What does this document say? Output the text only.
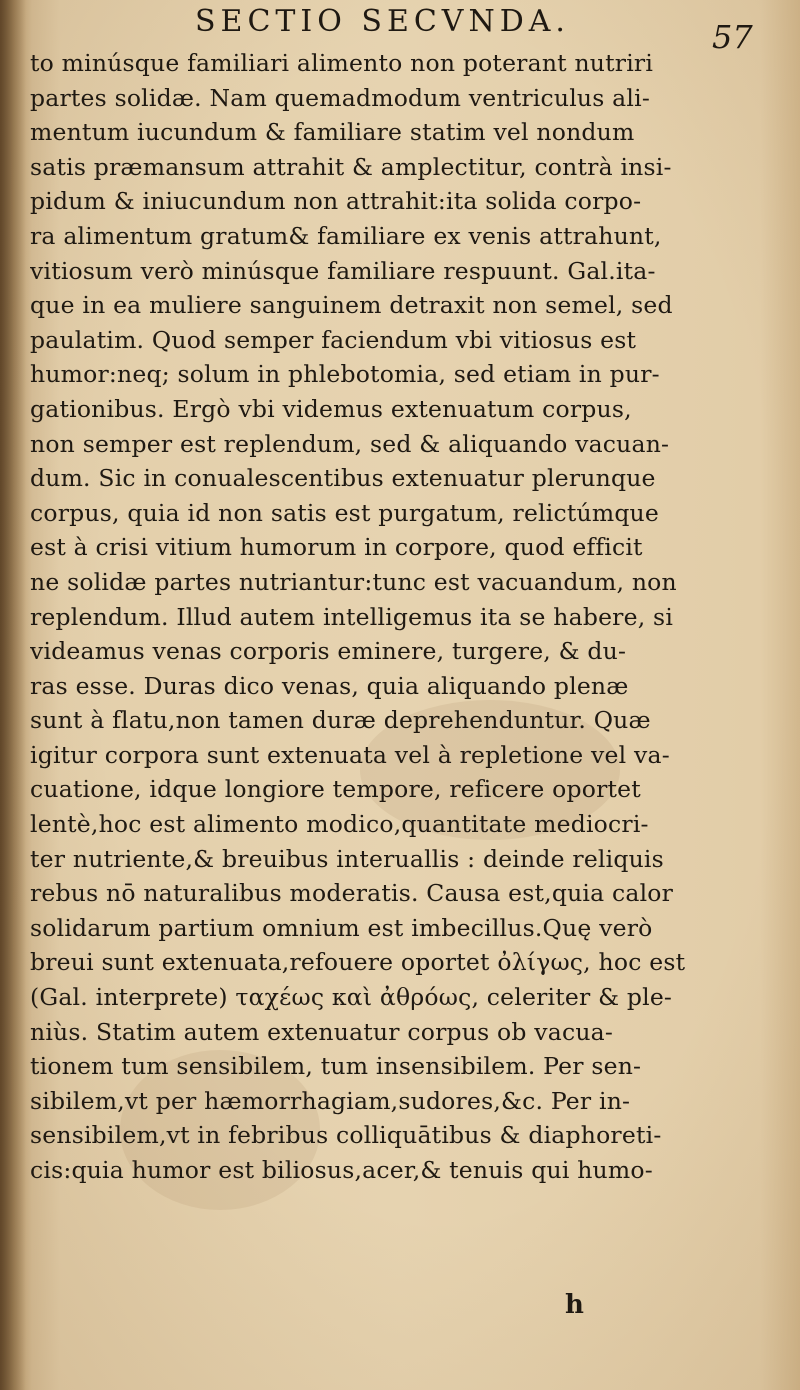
SECTIO SECVNDA.	57
to minúsque familiari alimento non poterant nutriri
partes solidæ. Nam quemadmodum ventriculus ali-
mentum iucundum & familiare statim vel nondum
satis præmansum attrahit & amplectitur, contrà insi-
pidum & iniucundum non attrahit:ita solida corpo-
ra alimentum gratum& familiare ex venis attrahunt,
vitiosum verò minúsque familiare respuunt. Gal.ita-
que in ea muliere sanguinem detraxit non semel, sed
paulatim. Quod semper faciendum vbi vitiosus est
humor:neq; solum in phlebotomia, sed etiam in pur-
gationibus. Ergò vbi videmus extenuatum corpus,
non semper est replendum, sed & aliquando vacuan-
dum. Sic in conualescentibus extenuatur plerunque
corpus, quia id non satis est purgatum, relictúmque
est à crisi vitium humorum in corpore, quod efficit
ne solidæ partes nutriantur:tunc est vacuandum, non
replendum. Illud autem intelligemus ita se habere, si
videamus venas corporis eminere, turgere, & du-
ras esse. Duras dico venas, quia aliquando plenæ
sunt à flatu,non tamen duræ deprehenduntur. Quæ
igitur corpora sunt extenuata vel à repletione vel va-
cuatione, idque longiore tempore, reficere oportet
lentè,hoc est alimento modico,quantitate mediocri-
ter nutriente,& breuibus interuallis : deinde reliquis
rebus nō naturalibus moderatis. Causa est,quia calor
solidarum partium omnium est imbecillus.Quę verò
breui sunt extenuata,refouere oportet ὀλίγως, hoc est
(Gal. interprete) ταχέως καὶ ἀθρόως, celeriter & ple-
niùs. Statim autem extenuatur corpus ob vacua-
tionem tum sensibilem, tum insensibilem. Per sen-
sibilem,vt per hæmorrhagiam,sudores,&c. Per in-
sensibilem,vt in febribus colliquātibus & diaphoreti-
cis:quia humor est biliosus,acer,& tenuis qui humo-
h
